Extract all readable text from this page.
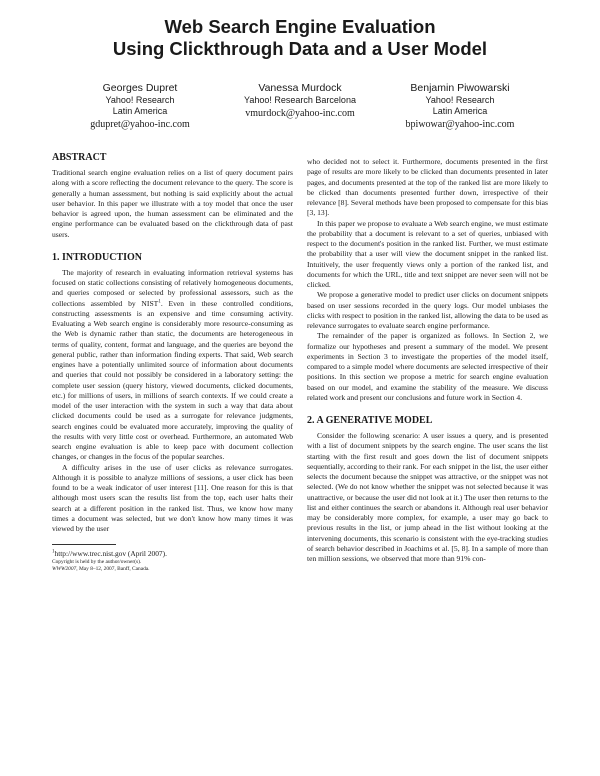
Web Search Engine Evaluation
Using Clickthrough Data and a User Model
Georges Dupret
Yahoo! Research
Latin America
gdupret@yahoo-inc.com
Vanessa Murdock
Yahoo! Research Barcelona
vmurdock@yahoo-inc.com
Benjamin Piwowarski
Yahoo! Research
Latin America
bpiwowar@yahoo-inc.com
ABSTRACT

Traditional search engine evaluation relies on a list of query document pairs along with a score reflecting the document relevance to the query. The score is generally a human assessment, but nothing is said explicitly about the actual user behavior. In this paper we illustrate with a toy model that once the user behavior is agreed upon, the human assessment can be eliminated and the engine performance can be evaluated based on the clickthrough data of past users.

1. INTRODUCTION

The majority of research in evaluating information retrieval systems has focused on static collections consisting of relatively homogeneous documents, and queries composed or selected by professional assessors, such as the collections assembled by NIST$^1$. Even in these controlled conditions, constructing assessments is an expensive and time consuming activity. Evaluating a Web search engine is considerably more resource-consuming as the Web is dynamic rather than static, the documents are heterogeneous in terms of quality, content, format and language, and the queries are beyond the general public, rather than information finding experts. That said, Web search engines have a potentially unlimited source of information about documents and queries that could not possibly be considered in a laboratory setting: the complete user session (query history, viewed documents, clicked documents, etc.) for millions of users, in millions of search contexts. If we could create a model of the user interaction with the system in such a way that data about clicked documents could be used as a surrogate for relevance judgments, search engines could be evaluated more accurately, improving the quality of the results with very little cost or overhead. Furthermore, an automated Web search engine evaluation is able to keep pace with document collection changes, or changes in the focus of the popular searches.

A difficulty arises in the use of user clicks as relevance surrogates. Although it is possible to analyze millions of sessions, a user click has been found to be a weak indicator of user interest [11]. One reason for this is that although most users scan the results list from the top, each user halts their search at a different position in the ranked list. Thus, we know how many times a document was selected, but we don't know how many times it was viewed by the user

$^1$http://www.trec.nist.gov (April 2007).

Copyright is held by the author/owner(s).
WWW2007, May 8–12, 2007, Banff, Canada.

who decided not to select it. Furthermore, documents presented in the first page of results are more likely to be clicked than documents presented in later pages, and documents presented at the top of the ranked list are more likely to be clicked than documents presented further down, irrespective of their relevance [8]. Several methods have been proposed to compensate for this bias [3, 13].

In this paper we propose to evaluate a Web search engine, we must estimate the probability that a document is relevant to a set of queries, unbiased with respect to the document's position in the ranked list. Further, we must estimate the probability that a user will view the document snippet in the ranked list. Intuitively, the user frequently views only a portion of the ranked list, and documents for which the URL, title and text snippet are never seen will not be clicked.

We propose a generative model to predict user clicks on document snippets based on user sessions recorded in the query logs. Our model unbiases the clicks with respect to position in the ranked list, allowing the data to be used as relevance surrogates to evaluate search engine performance.

The remainder of the paper is organized as follows. In Section 2, we formalize our hypotheses and present a summary of the model. We present experiments in Section 3 to investigate the properties of the model itself, compared to a simple model where documents are selected irrespective of their positions. In this section we propose a metric for search engine evaluation based on our model, and examine the stability of the measure. We discuss related work and present our conclusions and future work in Section 4.

2. A GENERATIVE MODEL

Consider the following scenario: A user issues a query, and is presented with a list of document snippets by the search engine. The user scans the list starting with the first result and goes down the list of document snippets sequentially, according to their rank. For each snippet in the list, the user either selects the document because the snippet was attractive, or the snippet was not selected. (We do not know whether the snippet was not selected because it was unattractive, or because the user did not look at it.) The user then returns to the list and either continues the search or abandons it. Although real user behavior may be considerably more complex, for example, a user may go back to previous results in the list, or jump ahead in the list without looking at the intervening documents, this scenario is consistent with the eye-tracking studies of search behavior described in Joachims et al. [5, 8]. In a sample of more than ten million sessions, we observed that more than 91% con-
